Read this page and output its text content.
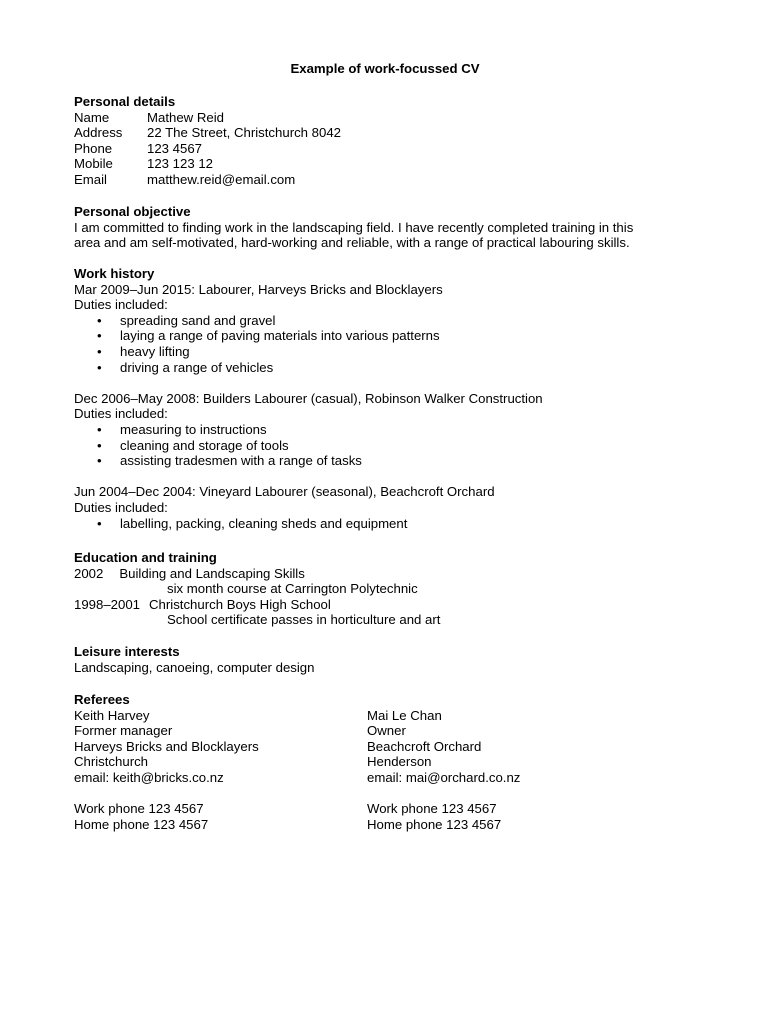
Example of work-focussed CV
Personal details
Name	Mathew Reid
Address	22 The Street, Christchurch 8042
Phone	123 4567
Mobile	123 123 12
Email	matthew.reid@email.com
Personal objective
I am committed to finding work in the landscaping field. I have recently completed training in this
area and am self-motivated, hard-working and reliable, with a range of practical labouring skills.
Work history
Mar 2009–Jun 2015: Labourer, Harveys Bricks and Blocklayers
Duties included:
• spreading sand and gravel
• laying a range of paving materials into various patterns
• heavy lifting
• driving a range of vehicles
Dec 2006–May 2008: Builders Labourer (casual), Robinson Walker Construction
Duties included:
• measuring to instructions
• cleaning and storage of tools
• assisting tradesmen with a range of tasks
Jun 2004–Dec 2004: Vineyard Labourer (seasonal), Beachcroft Orchard
Duties included:
• labelling, packing, cleaning sheds and equipment
Education and training
2002 Building and Landscaping Skills
six month course at Carrington Polytechnic
1998–2001 Christchurch Boys High School
School certificate passes in horticulture and art
Leisure interests
Landscaping, canoeing, computer design
Referees
Keith Harvey
Former manager
Harveys Bricks and Blocklayers
Christchurch
email: keith@bricks.co.nz
Work phone 123 4567
Home phone 123 4567
Mai Le Chan
Owner
Beachcroft Orchard
Henderson
email: mai@orchard.co.nz
Work phone 123 4567
Home phone 123 4567
